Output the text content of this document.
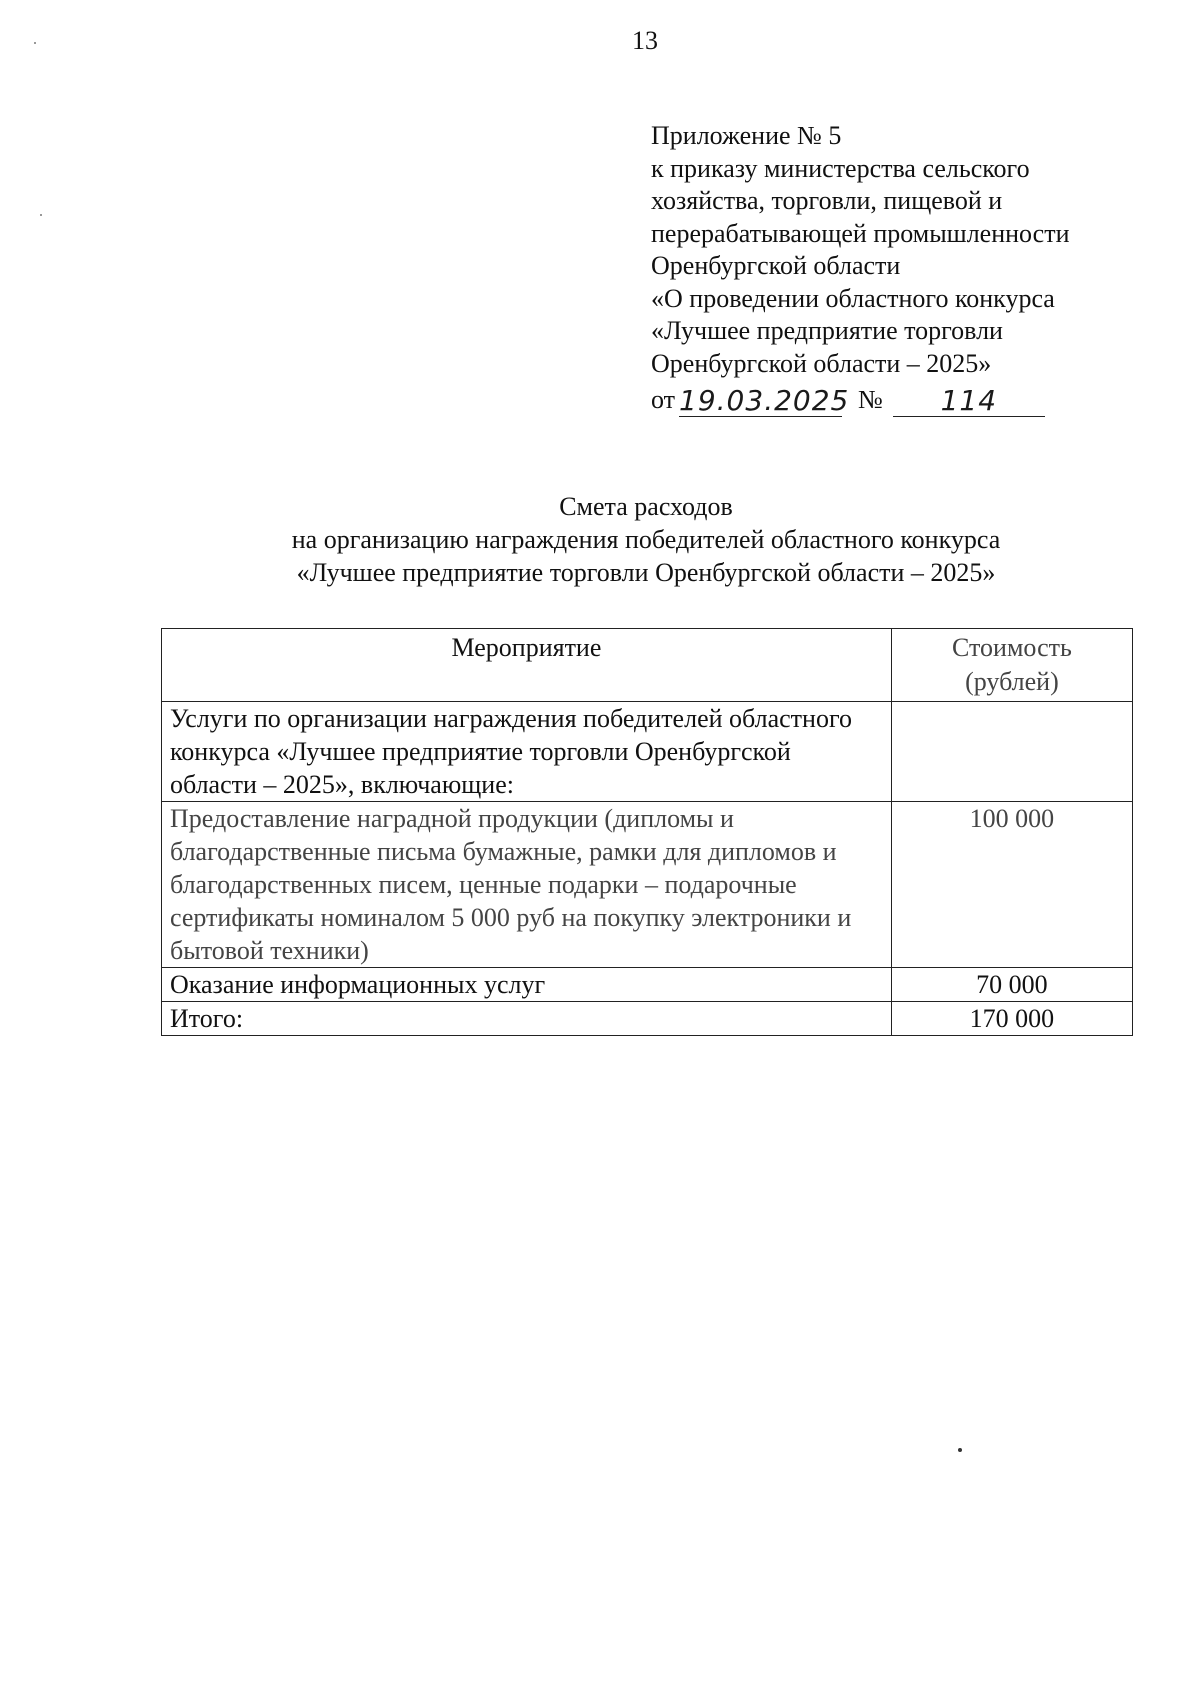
13
Приложение № 5
к приказу министерства сельского
хозяйства, торговли, пищевой и
перерабатывающей промышленности
Оренбургской области
«О проведении областного конкурса
«Лучшее предприятие торговли
Оренбургской области – 2025»
от 19.03.2025 № 114
Смета расходов
на организацию награждения победителей областного конкурса
«Лучшее предприятие торговли Оренбургской области – 2025»
Мероприятие	Стоимость
(рублей)
Услуги по организации награждения победителей областного конкурса «Лучшее предприятие торговли Оренбургской области – 2025», включающие:	
Предоставление наградной продукции (дипломы и благодарственные письма бумажные, рамки для дипломов и благодарственных писем, ценные подарки – подарочные сертификаты номиналом 5 000 руб на покупку электроники и бытовой техники)	100 000
Оказание информационных услуг	70 000
Итого:	170 000
